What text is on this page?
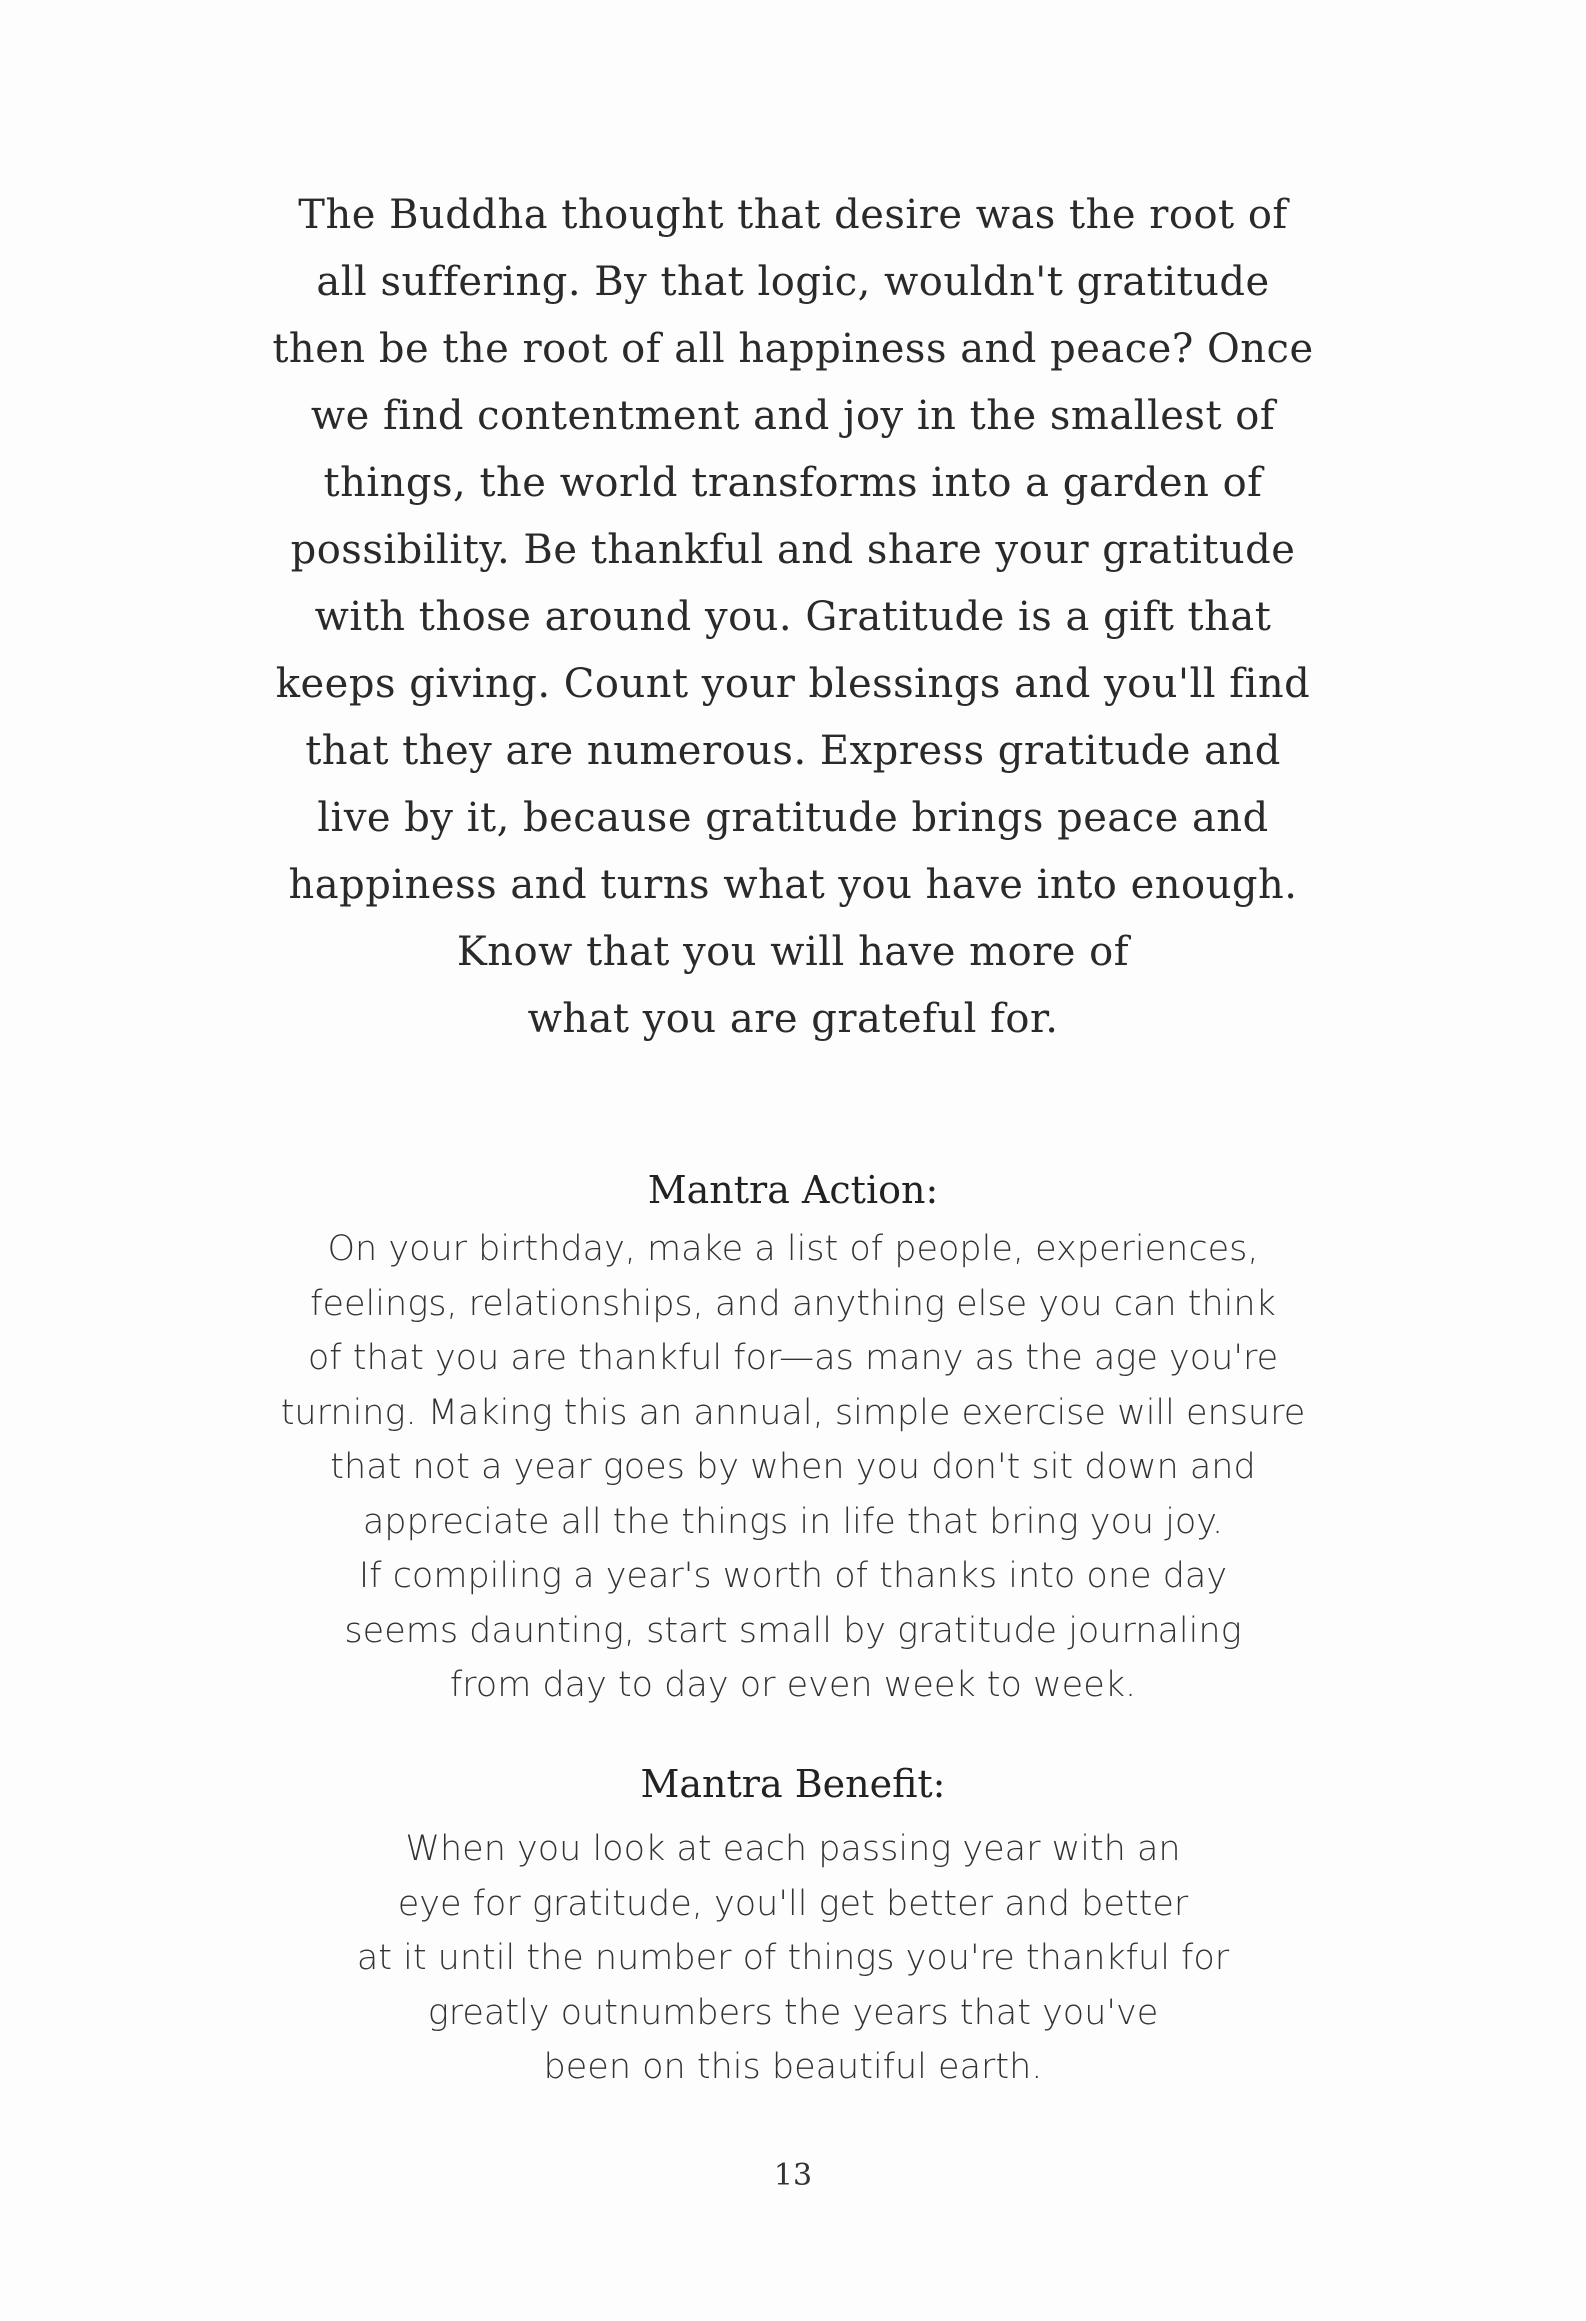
The Buddha thought that desire was the root of
all suffering. By that logic, wouldn't gratitude
then be the root of all happiness and peace? Once
we find contentment and joy in the smallest of
things, the world transforms into a garden of
possibility. Be thankful and share your gratitude
with those around you. Gratitude is a gift that
keeps giving. Count your blessings and you'll find
that they are numerous. Express gratitude and
live by it, because gratitude brings peace and
happiness and turns what you have into enough.
Know that you will have more of
what you are grateful for.
Mantra Action:
On your birthday, make a list of people, experiences,
feelings, relationships, and anything else you can think
of that you are thankful for—as many as the age you're
turning. Making this an annual, simple exercise will ensure
that not a year goes by when you don't sit down and
appreciate all the things in life that bring you joy.
If compiling a year's worth of thanks into one day
seems daunting, start small by gratitude journaling
from day to day or even week to week.
Mantra Benefit:
When you look at each passing year with an
eye for gratitude, you'll get better and better
at it until the number of things you're thankful for
greatly outnumbers the years that you've
been on this beautiful earth.
13
